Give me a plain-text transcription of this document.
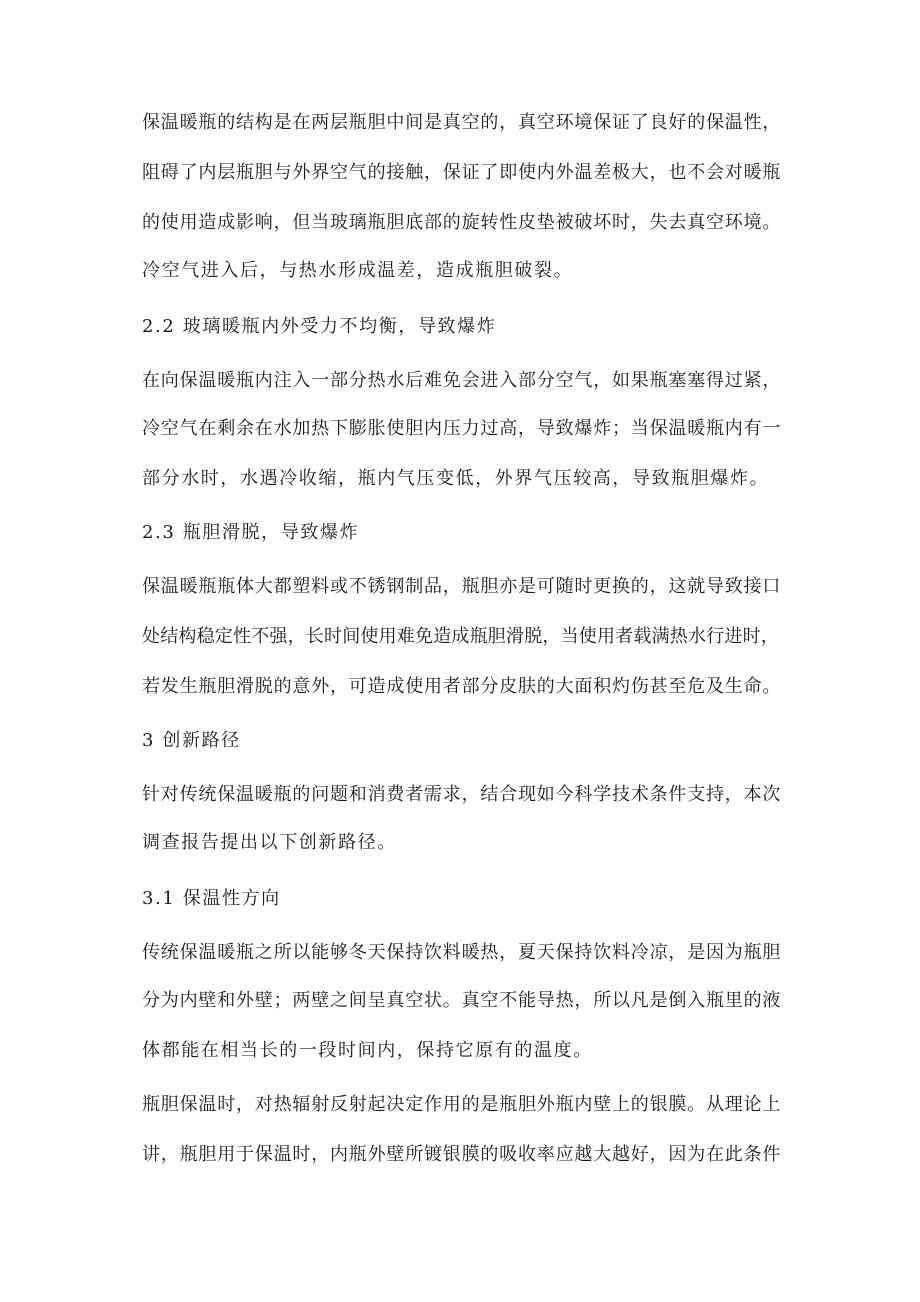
保温暖瓶的结构是在两层瓶胆中间是真空的，真空环境保证了良好的保温性，
阻碍了内层瓶胆与外界空气的接触，保证了即使内外温差极大，也不会对暖瓶
的使用造成影响，但当玻璃瓶胆底部的旋转性皮垫被破坏时，失去真空环境。
冷空气进入后，与热水形成温差，造成瓶胆破裂。
2.2 玻璃暖瓶内外受力不均衡，导致爆炸
在向保温暖瓶内注入一部分热水后难免会进入部分空气，如果瓶塞塞得过紧，
冷空气在剩余在水加热下膨胀使胆内压力过高，导致爆炸；当保温暖瓶内有一
部分水时，水遇冷收缩，瓶内气压变低，外界气压较高，导致瓶胆爆炸。
2.3 瓶胆滑脱，导致爆炸
保温暖瓶瓶体大都塑料或不锈钢制品，瓶胆亦是可随时更换的，这就导致接口
处结构稳定性不强，长时间使用难免造成瓶胆滑脱，当使用者载满热水行进时，
若发生瓶胆滑脱的意外，可造成使用者部分皮肤的大面积灼伤甚至危及生命。
3 创新路径
针对传统保温暖瓶的问题和消费者需求，结合现如今科学技术条件支持，本次
调查报告提出以下创新路径。
3.1 保温性方向
传统保温暖瓶之所以能够冬天保持饮料暖热，夏天保持饮料冷凉，是因为瓶胆
分为内壁和外壁；两壁之间呈真空状。真空不能导热，所以凡是倒入瓶里的液
体都能在相当长的一段时间内，保持它原有的温度。
瓶胆保温时，对热辐射反射起决定作用的是瓶胆外瓶内壁上的银膜。从理论上
讲，瓶胆用于保温时，内瓶外壁所镀银膜的吸收率应越大越好，因为在此条件
